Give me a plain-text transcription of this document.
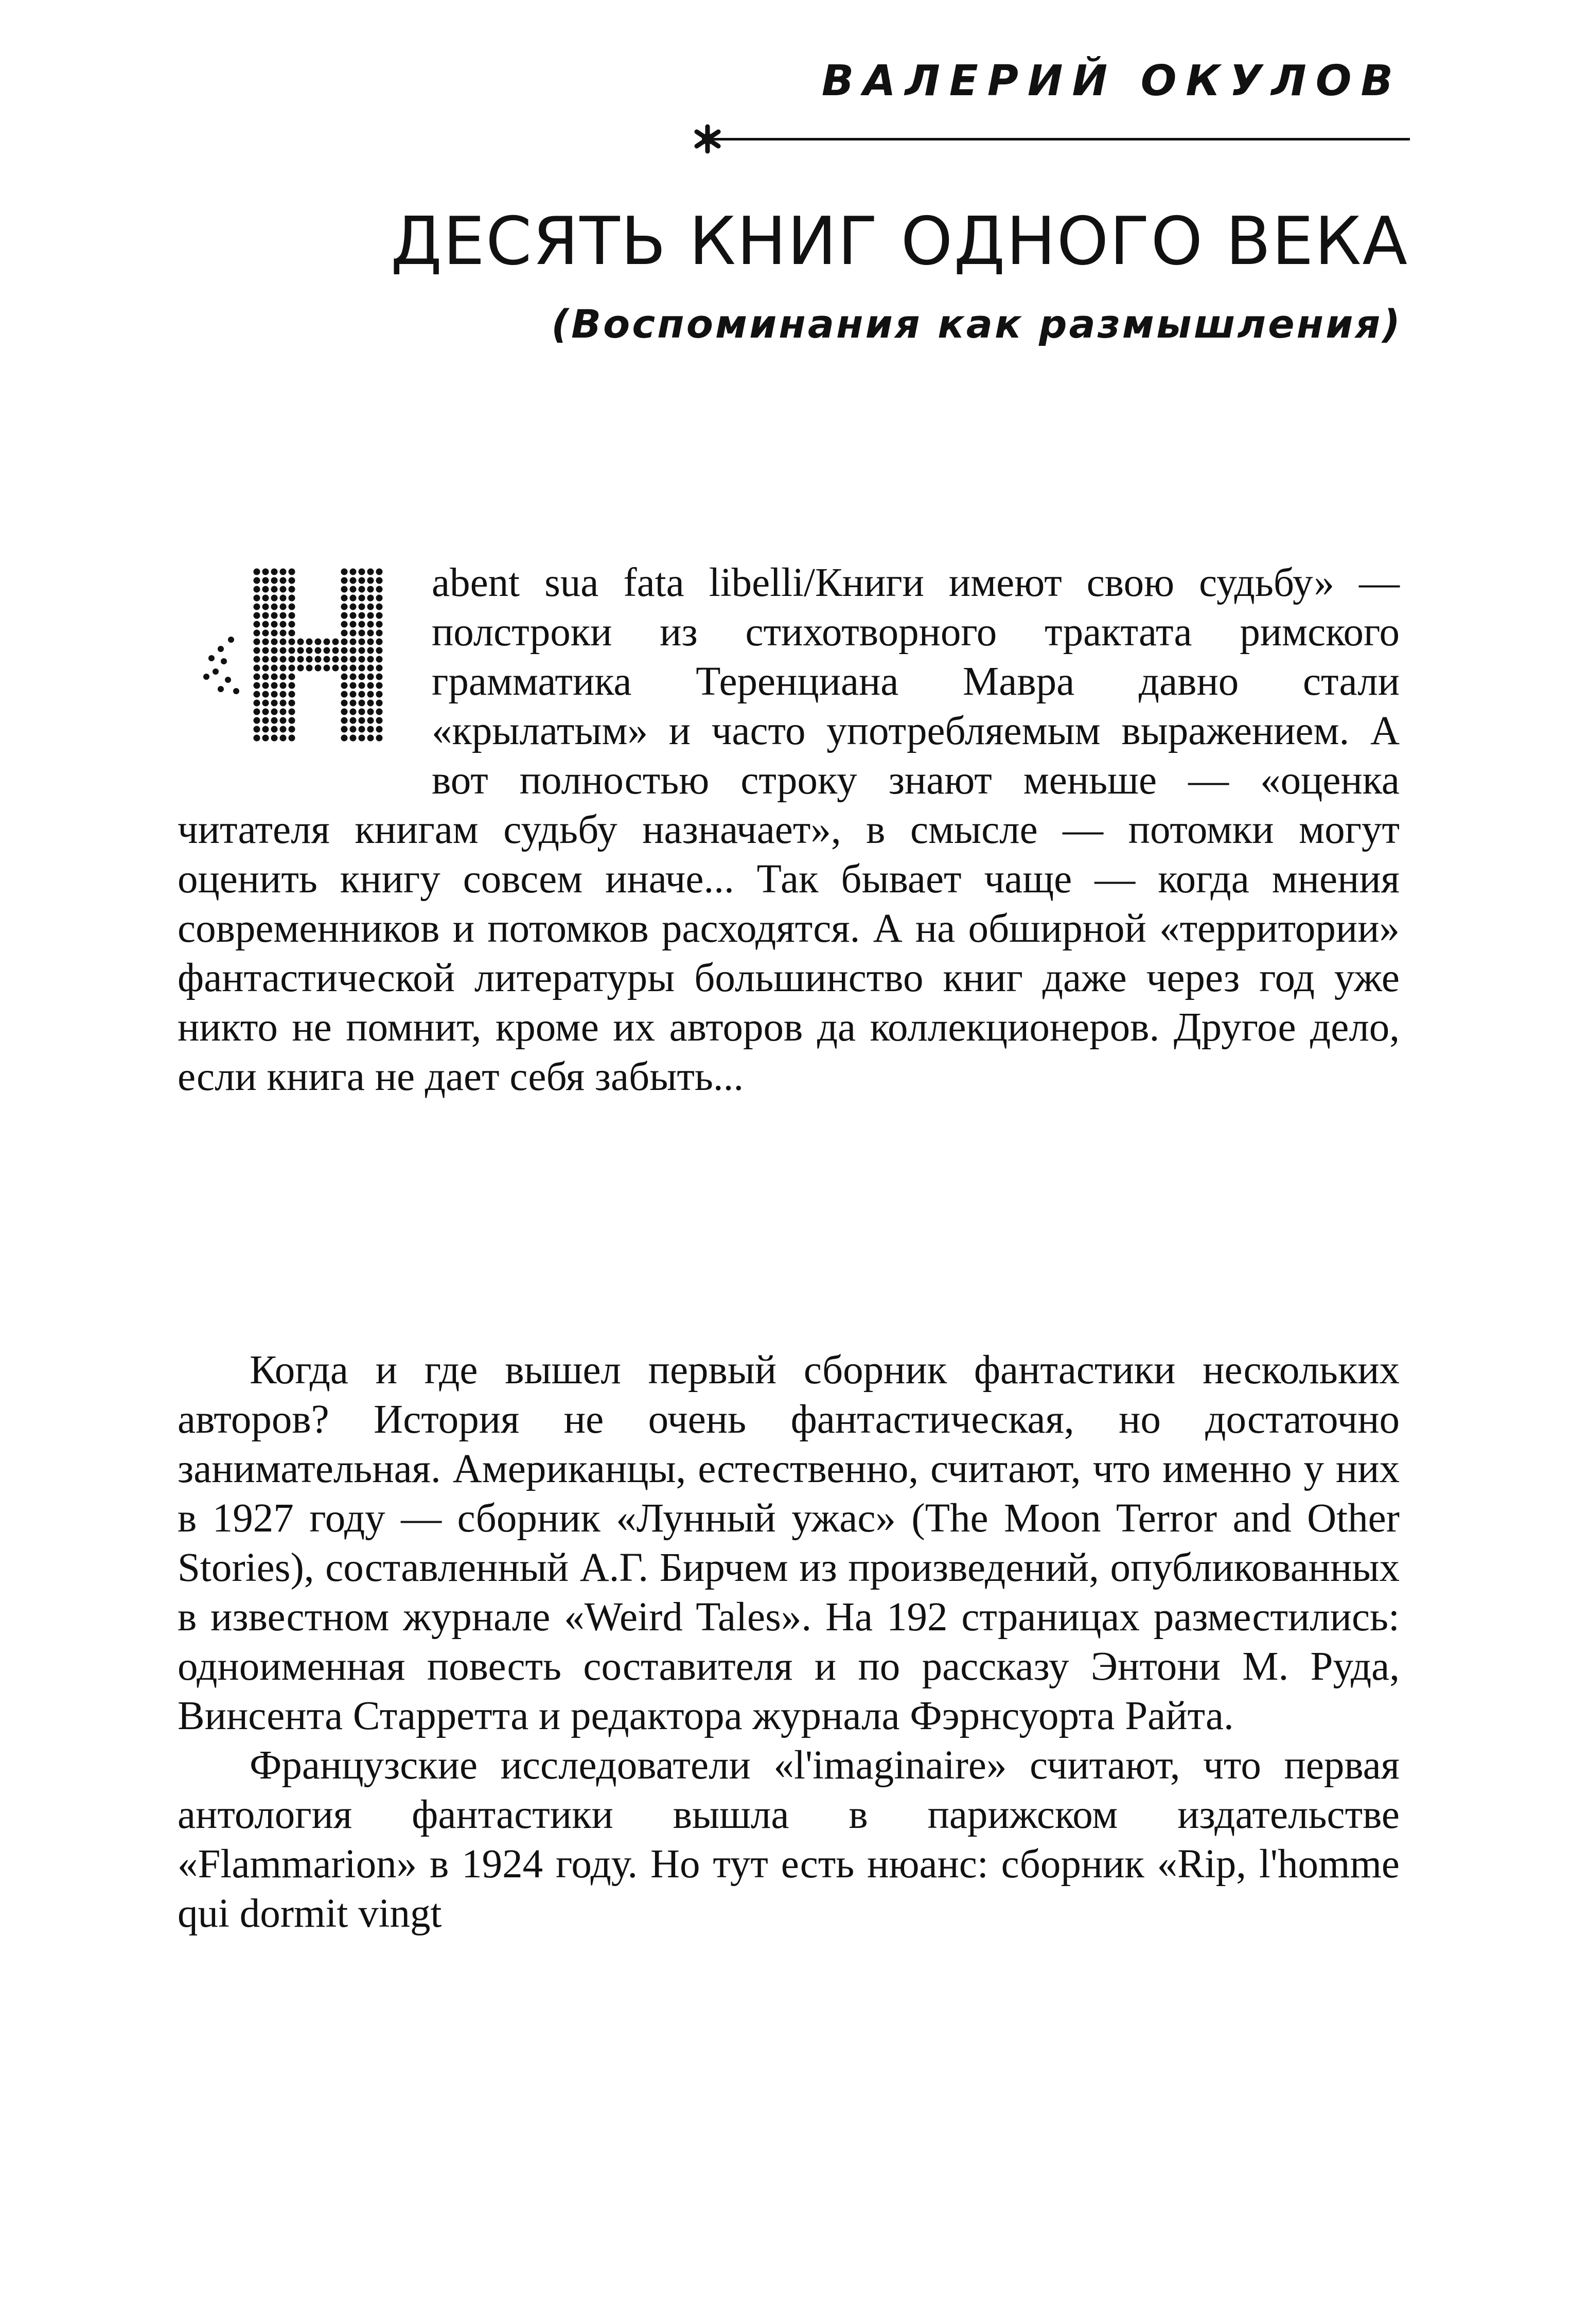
ВАЛЕРИЙ ОКУЛОВ
ДЕСЯТЬ КНИГ ОДНОГО ВЕКА
(Воспоминания как размышления)
abent sua fata libelli/Книги имеют свою судьбу» — полстроки из стихотворного трактата римского грамматика Теренциана Мавра давно стали «крылатым» и часто употребляемым выражением. А вот полностью строку знают меньше — «оценка читателя книгам судьбу назначает», в смысле — потомки могут оценить книгу совсем иначе... Так бывает чаще — когда мнения современников и потомков расходятся. А на обширной «территории» фантастической литературы большинство книг даже через год уже никто не помнит, кроме их авторов да коллекционеров. Другое дело, если книга не дает себя забыть...

Когда и где вышел первый сборник фантастики нескольких авторов? История не очень фантастическая, но достаточно занимательная. Американцы, естественно, считают, что именно у них в 1927 году — сборник «Лунный ужас» (The Moon Terror and Other Stories), составленный А.Г. Бирчем из произведений, опубликованных в известном журнале «Weird Tales». На 192 страницах разместились: одноименная повесть составителя и по рассказу Энтони М. Руда, Винсента Старретта и редактора журнала Фэрнсуорта Райта.

Французские исследователи «l'imaginaire» считают, что первая антология фантастики вышла в парижском издательстве «Flammarion» в 1924 году. Но тут есть нюанс: сборник «Rip, l'homme qui dormit vingt
